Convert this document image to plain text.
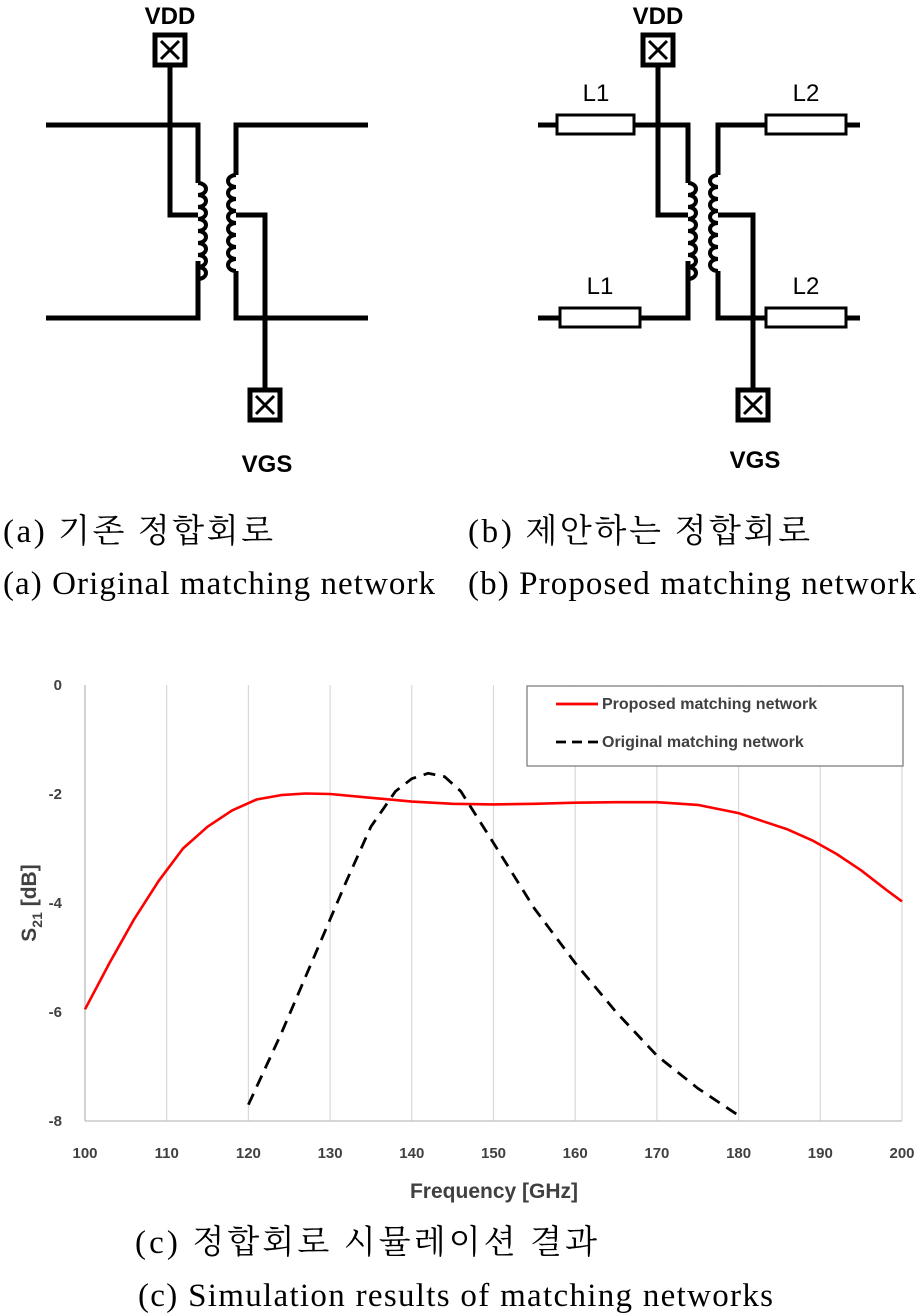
VDD
VGS
VDD
VGS
L1
L1
L2
L2
(a) 기존 정합회로
(a) Original matching network
(b) 제안하는 정합회로
(b) Proposed matching network
100	110	120	130	140	150	160	170	180	190	200
0
-2
-4
-6
-8
Proposed matching network
Original matching network
Frequency [GHz]
$S_{21}$ [dB]
(c) 정합회로 시뮬레이션 결과
(c) Simulation results of matching networks
